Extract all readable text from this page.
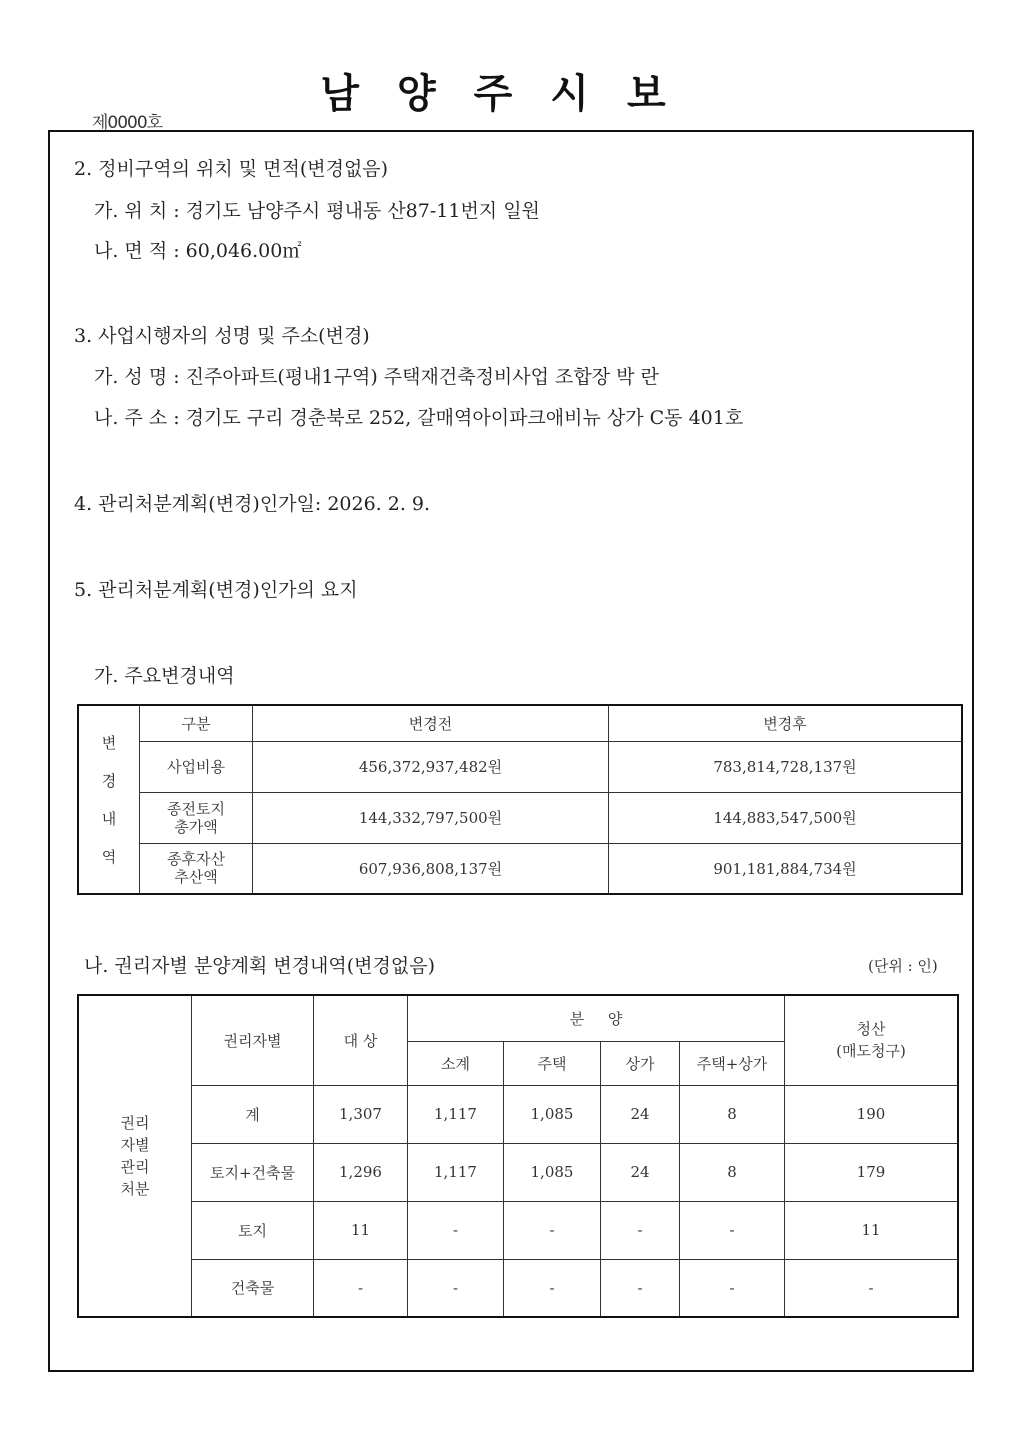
남양주시보
제0000호
2. 정비구역의 위치 및 면적(변경없음)
가. 위 치 : 경기도 남양주시 평내동 산87-11번지 일원
나. 면 적 : 60,046.00㎡
3. 사업시행자의 성명 및 주소(변경)
가. 성 명 : 진주아파트(평내1구역) 주택재건축정비사업 조합장 박 란
나. 주 소 : 경기도 구리 경춘북로 252, 갈매역아이파크애비뉴 상가 C동 401호
4. 관리처분계획(변경)인가일: 2026. 2. 9.
5. 관리처분계획(변경)인가의 요지
가. 주요변경내역
변
경
내
역	구분	변경전	변경후
	사업비용	456,372,937,482원	783,814,728,137원
	종전토지
총가액	144,332,797,500원	144,883,547,500원
	종후자산
추산액	607,936,808,137원	901,181,884,734원
나. 권리자별 분양계획 변경내역(변경없음)	(단위 : 인)
권리
자별
관리
처분	권리자별	대 상	분     양				청산
(매도청구)
			소계	주택	상가	주택+상가	
	계	1,307	1,117	1,085	24	8	190
	토지+건축물	1,296	1,117	1,085	24	8	179
	토지	11	-	-	-	-	11
	건축물	-	-	-	-	-	-
